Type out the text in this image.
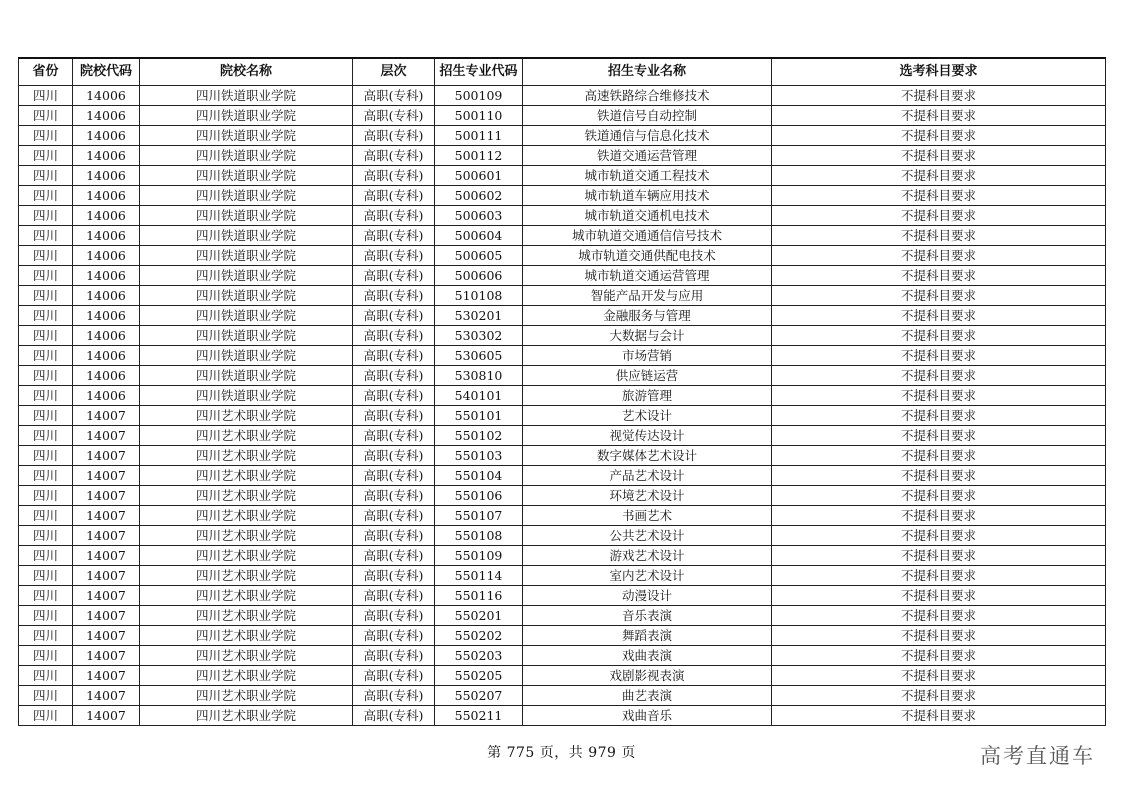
省份	院校代码	院校名称	层次	招生专业代码	招生专业名称	选考科目要求
四川	14006	四川铁道职业学院	高职(专科)	500109	高速铁路综合维修技术	不提科目要求
四川	14006	四川铁道职业学院	高职(专科)	500110	铁道信号自动控制	不提科目要求
四川	14006	四川铁道职业学院	高职(专科)	500111	铁道通信与信息化技术	不提科目要求
四川	14006	四川铁道职业学院	高职(专科)	500112	铁道交通运营管理	不提科目要求
四川	14006	四川铁道职业学院	高职(专科)	500601	城市轨道交通工程技术	不提科目要求
四川	14006	四川铁道职业学院	高职(专科)	500602	城市轨道车辆应用技术	不提科目要求
四川	14006	四川铁道职业学院	高职(专科)	500603	城市轨道交通机电技术	不提科目要求
四川	14006	四川铁道职业学院	高职(专科)	500604	城市轨道交通通信信号技术	不提科目要求
四川	14006	四川铁道职业学院	高职(专科)	500605	城市轨道交通供配电技术	不提科目要求
四川	14006	四川铁道职业学院	高职(专科)	500606	城市轨道交通运营管理	不提科目要求
四川	14006	四川铁道职业学院	高职(专科)	510108	智能产品开发与应用	不提科目要求
四川	14006	四川铁道职业学院	高职(专科)	530201	金融服务与管理	不提科目要求
四川	14006	四川铁道职业学院	高职(专科)	530302	大数据与会计	不提科目要求
四川	14006	四川铁道职业学院	高职(专科)	530605	市场营销	不提科目要求
四川	14006	四川铁道职业学院	高职(专科)	530810	供应链运营	不提科目要求
四川	14006	四川铁道职业学院	高职(专科)	540101	旅游管理	不提科目要求
四川	14007	四川艺术职业学院	高职(专科)	550101	艺术设计	不提科目要求
四川	14007	四川艺术职业学院	高职(专科)	550102	视觉传达设计	不提科目要求
四川	14007	四川艺术职业学院	高职(专科)	550103	数字媒体艺术设计	不提科目要求
四川	14007	四川艺术职业学院	高职(专科)	550104	产品艺术设计	不提科目要求
四川	14007	四川艺术职业学院	高职(专科)	550106	环境艺术设计	不提科目要求
四川	14007	四川艺术职业学院	高职(专科)	550107	书画艺术	不提科目要求
四川	14007	四川艺术职业学院	高职(专科)	550108	公共艺术设计	不提科目要求
四川	14007	四川艺术职业学院	高职(专科)	550109	游戏艺术设计	不提科目要求
四川	14007	四川艺术职业学院	高职(专科)	550114	室内艺术设计	不提科目要求
四川	14007	四川艺术职业学院	高职(专科)	550116	动漫设计	不提科目要求
四川	14007	四川艺术职业学院	高职(专科)	550201	音乐表演	不提科目要求
四川	14007	四川艺术职业学院	高职(专科)	550202	舞蹈表演	不提科目要求
四川	14007	四川艺术职业学院	高职(专科)	550203	戏曲表演	不提科目要求
四川	14007	四川艺术职业学院	高职(专科)	550205	戏剧影视表演	不提科目要求
四川	14007	四川艺术职业学院	高职(专科)	550207	曲艺表演	不提科目要求
四川	14007	四川艺术职业学院	高职(专科)	550211	戏曲音乐	不提科目要求
第 775 页，共 979 页	高考直通车
